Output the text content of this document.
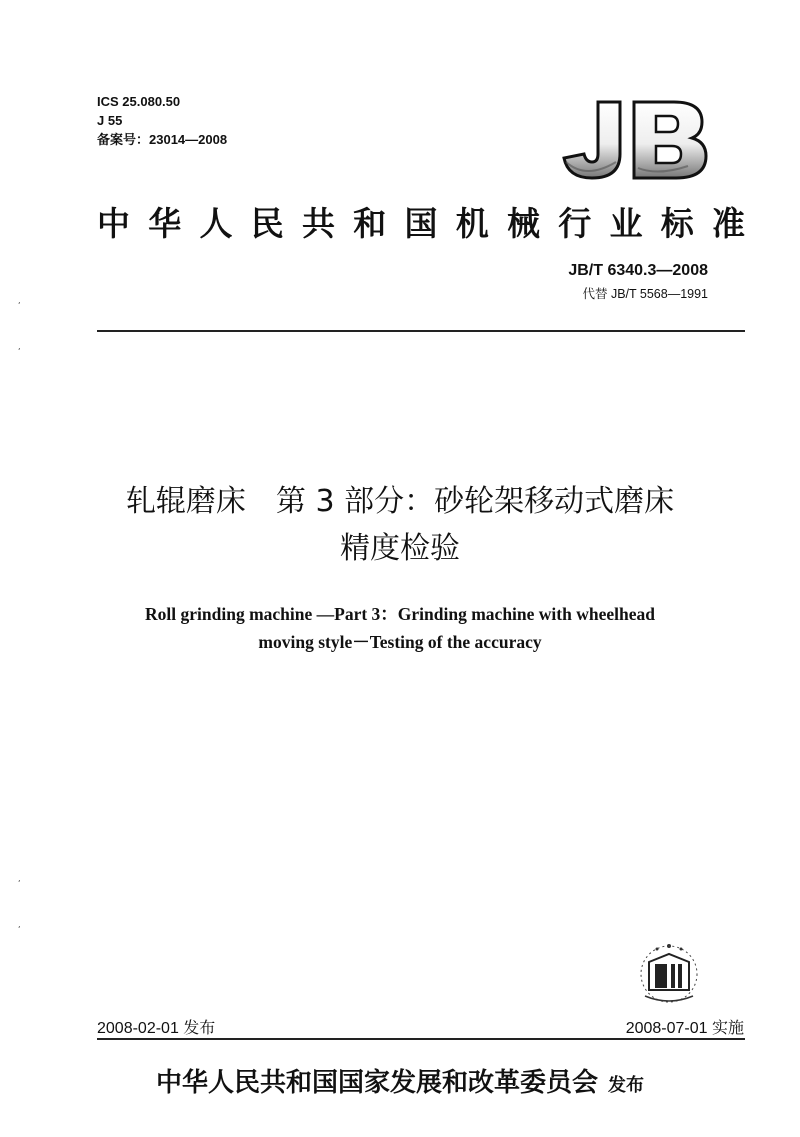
ICS 25.080.50
J 55
备案号：23014—2008
中 华 人 民 共 和 国 机 械 行 业 标 准
JB/T 6340.3—2008
代替 JB/T 5568—1991
,
,
,
,
轧辊磨床　第 3 部分：砂轮架移动式磨床
精度检验
Roll grinding machine —Part 3：Grinding machine with wheelhead
moving style－Testing of the accuracy
2008-02-01 发布	2008-07-01 实施
中华人民共和国国家发展和改革委员会 发布
